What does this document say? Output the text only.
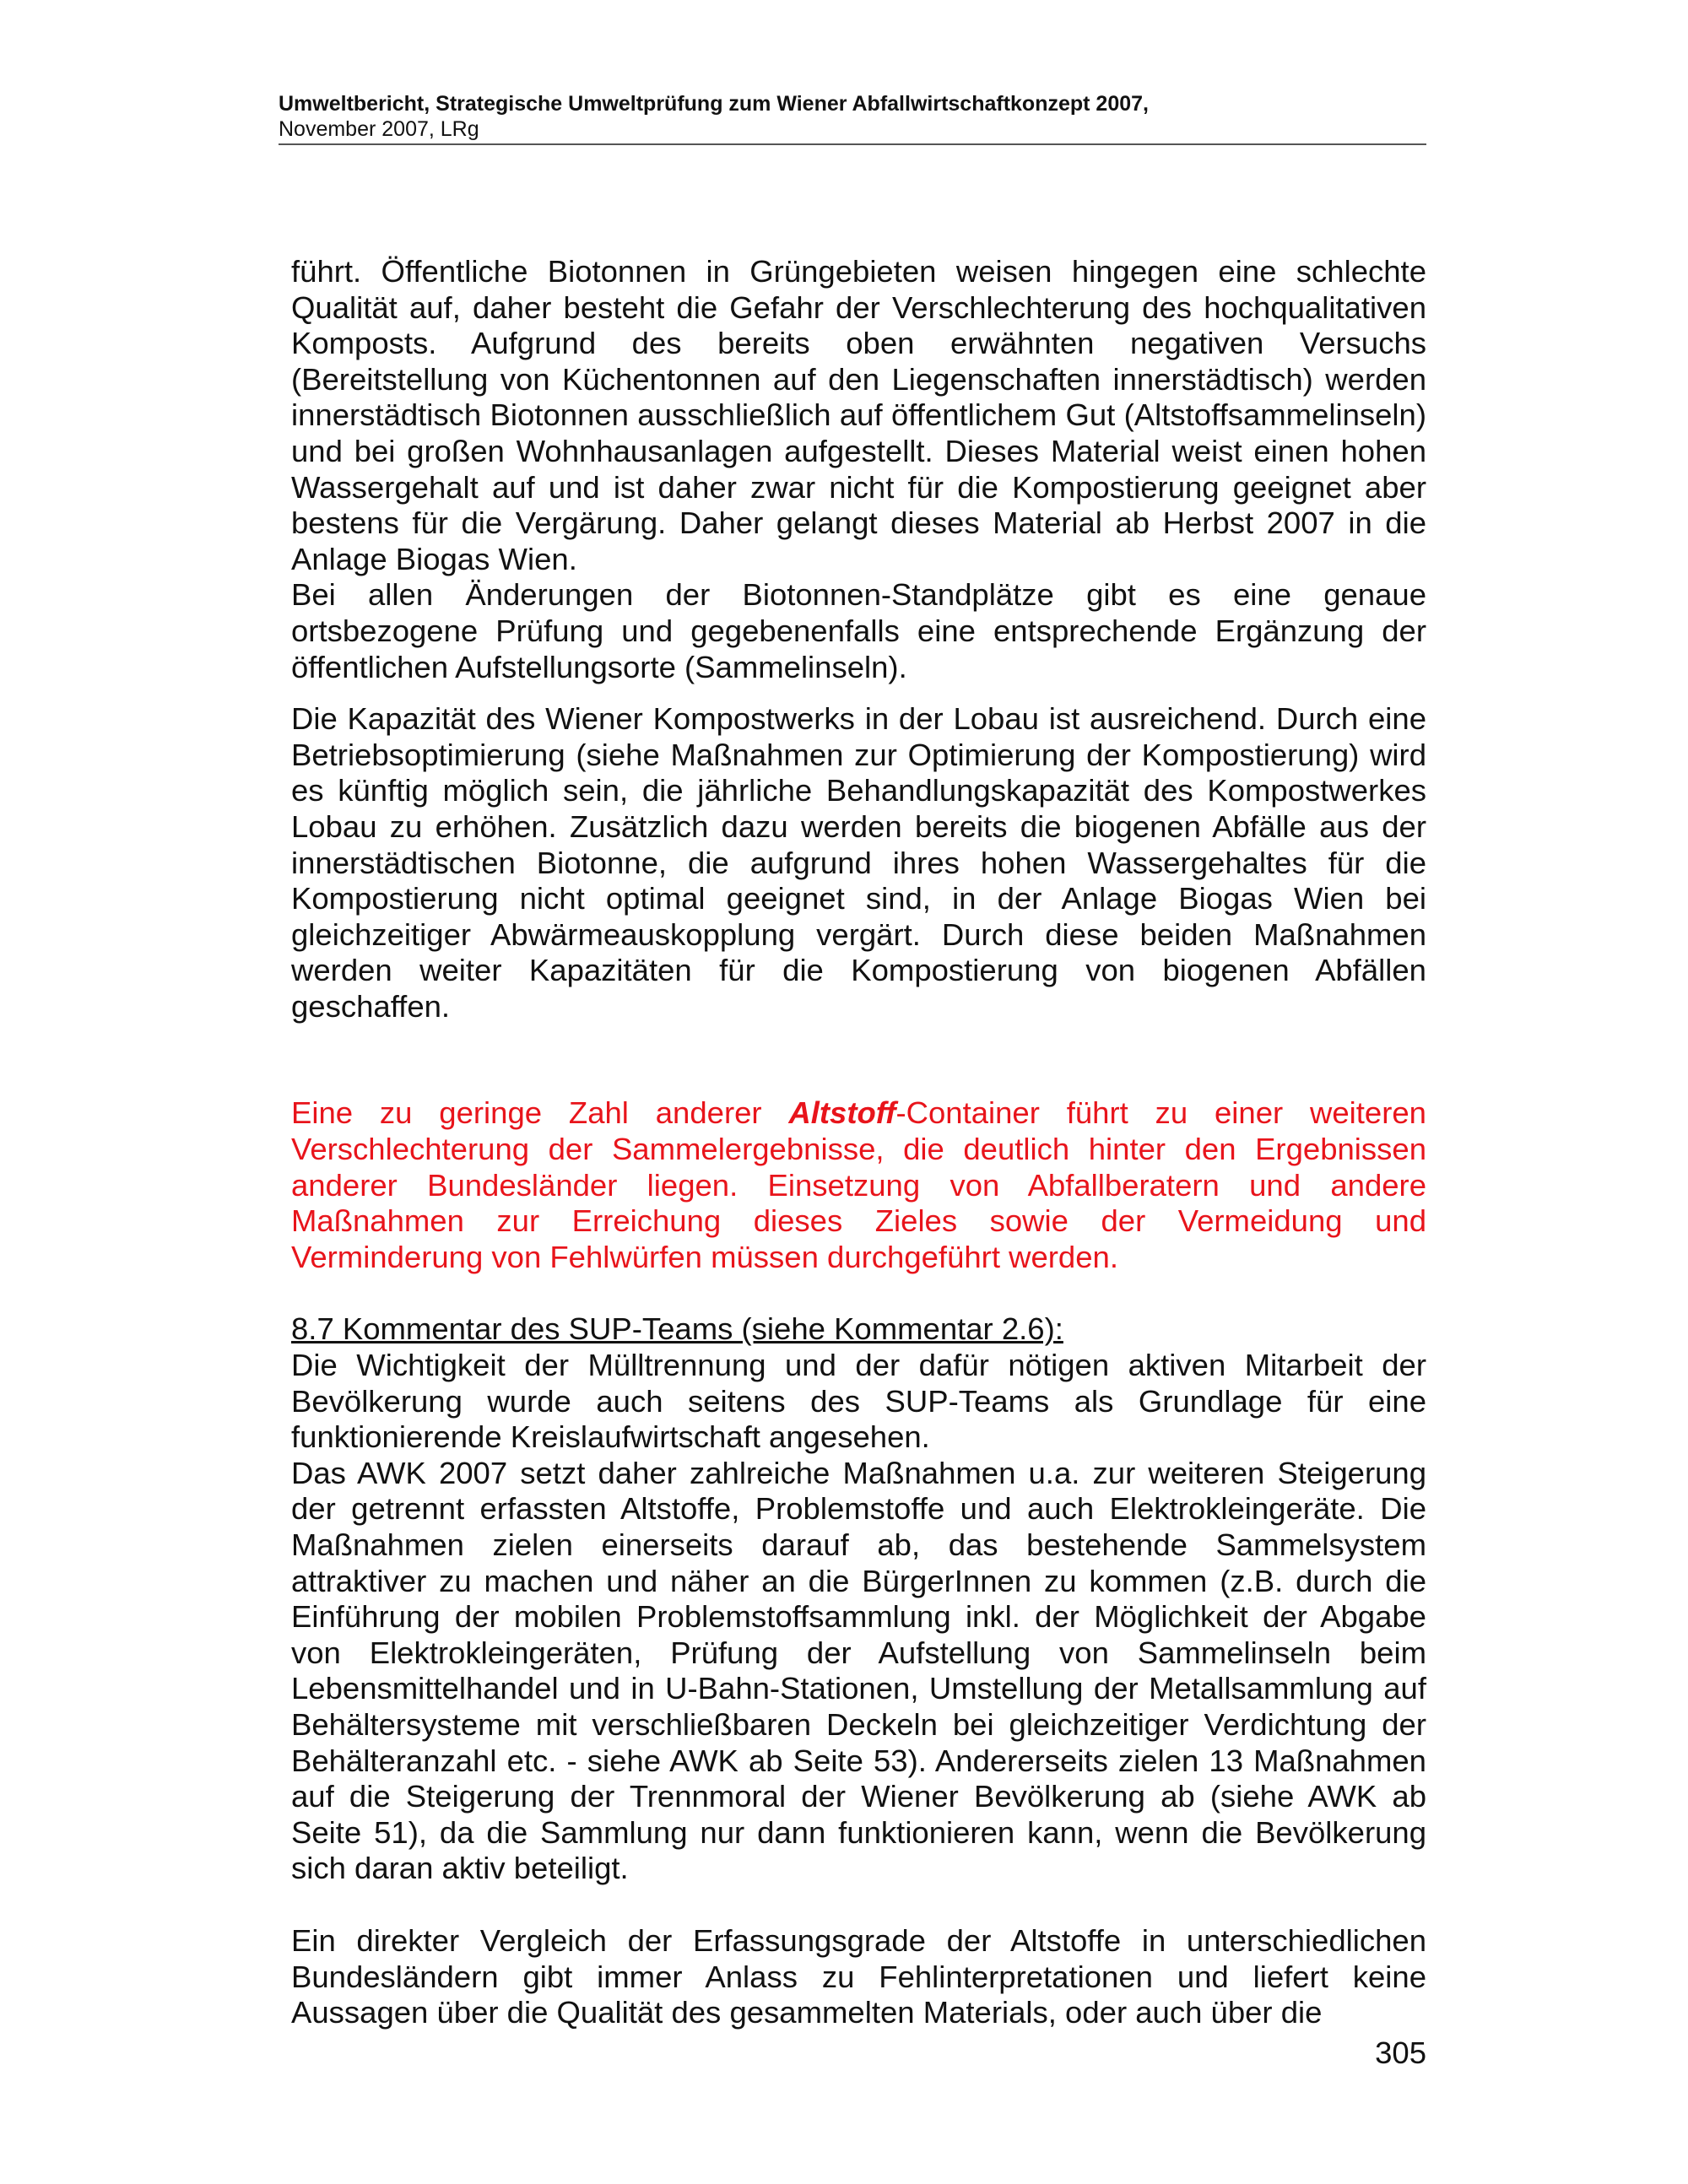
Umweltbericht, Strategische Umweltprüfung zum Wiener Abfallwirtschaftkonzept 2007,
November 2007, LRg

führt. Öffentliche Biotonnen in Grüngebieten weisen hingegen eine schlechte Qualität auf, daher besteht die Gefahr der Verschlechterung des hochqualitativen Komposts. Aufgrund des bereits oben erwähnten negativen Versuchs (Bereitstellung von Küchentonnen auf den Liegenschaften innerstädtisch) werden innerstädtisch Biotonnen ausschließlich auf öffentlichem Gut (Altstoffsammelinseln) und bei großen Wohnhausanlagen aufgestellt. Dieses Material weist einen hohen Wassergehalt auf und ist daher zwar nicht für die Kompostierung geeignet aber bestens für die Vergärung. Daher gelangt dieses Material ab Herbst 2007 in die Anlage Biogas Wien.

Bei allen Änderungen der Biotonnen-Standplätze gibt es eine genaue ortsbezogene Prüfung und gegebenenfalls eine entsprechende Ergänzung der öffentlichen Aufstellungsorte (Sammelinseln).

Die Kapazität des Wiener Kompostwerks in der Lobau ist ausreichend. Durch eine Betriebsoptimierung (siehe Maßnahmen zur Optimierung der Kompostierung) wird es künftig möglich sein, die jährliche Behandlungskapazität des Kompostwerkes Lobau zu erhöhen. Zusätzlich dazu werden bereits die biogenen Abfälle aus der innerstädtischen Biotonne, die aufgrund ihres hohen Wassergehaltes für die Kompostierung nicht optimal geeignet sind, in der Anlage Biogas Wien bei gleichzeitiger Abwärmeauskopplung vergärt. Durch diese beiden Maßnahmen werden weiter Kapazitäten für die Kompostierung von biogenen Abfällen geschaffen.

Eine zu geringe Zahl anderer Altstoff-Container führt zu einer weiteren Verschlechterung der Sammelergebnisse, die deutlich hinter den Ergebnissen anderer Bundesländer liegen. Einsetzung von Abfallberatern und andere Maßnahmen zur Erreichung dieses Zieles sowie der Vermeidung und Verminderung von Fehlwürfen müssen durchgeführt werden.

8.7 Kommentar des SUP-Teams (siehe Kommentar 2.6):

Die Wichtigkeit der Mülltrennung und der dafür nötigen aktiven Mitarbeit der Bevölkerung wurde auch seitens des SUP-Teams als Grundlage für eine funktionierende Kreislaufwirtschaft angesehen.

Das AWK 2007 setzt daher zahlreiche Maßnahmen u.a. zur weiteren Steigerung der getrennt erfassten Altstoffe, Problemstoffe und auch Elektrokleingeräte. Die Maßnahmen zielen einerseits darauf ab, das bestehende Sammelsystem attraktiver zu machen und näher an die BürgerInnen zu kommen (z.B. durch die Einführung der mobilen Problemstoffsammlung inkl. der Möglichkeit der Abgabe von Elektrokleingeräten, Prüfung der Aufstellung von Sammelinseln beim Lebensmittelhandel und in U-Bahn-Stationen, Umstellung der Metallsammlung auf Behältersysteme mit verschließbaren Deckeln bei gleichzeitiger Verdichtung der Behälteranzahl etc. - siehe AWK ab Seite 53). Andererseits zielen 13 Maßnahmen auf die Steigerung der Trennmoral der Wiener Bevölkerung ab (siehe AWK ab Seite 51), da die Sammlung nur dann funktionieren kann, wenn die Bevölkerung sich daran aktiv beteiligt.

Ein direkter Vergleich der Erfassungsgrade der Altstoffe in unterschiedlichen Bundesländern gibt immer Anlass zu Fehlinterpretationen und liefert keine Aussagen über die Qualität des gesammelten Materials, oder auch über die

305
